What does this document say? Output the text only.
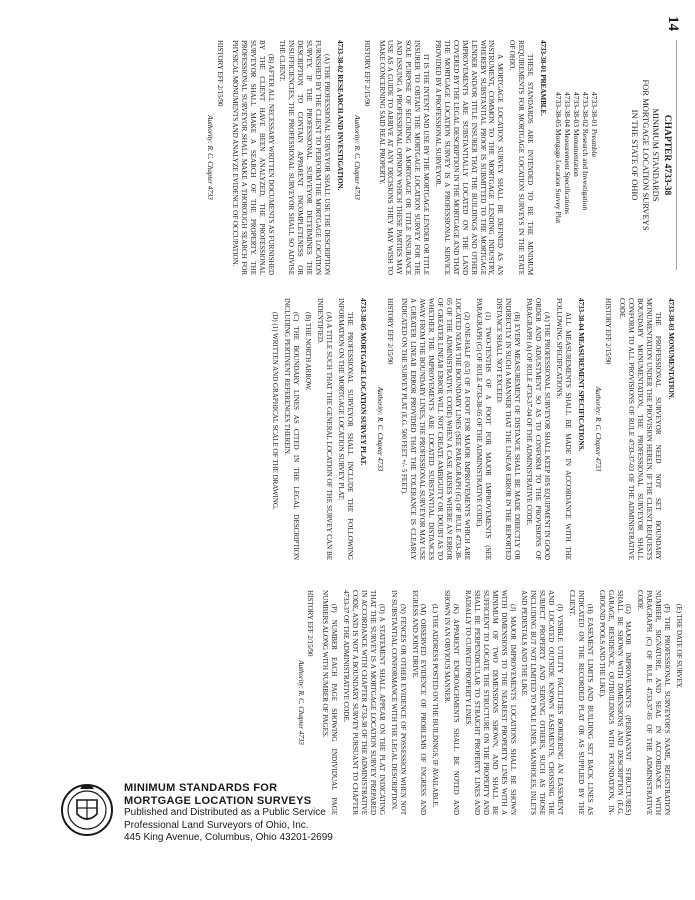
14
CHAPTER 4733-38
MINIMUM STANDARDS
FOR MORTGAGE LOCATION SURVEYS
IN THE STATE OF OHIO
4733-38-01 Preamble
4733-38-02 Research and Investigation
4733-38-03 Monumentation
4733-38-04 Measurement Specifications
4733-38-05 Mortgage Location Survey Plat

4733-38-01 PREAMBLE.

THESE STANDARDS ARE INTENDED TO BE THE MINIMUM REQUIREMENTS FOR MORTGAGE LOCATION SURVEYS IN THE STATE OF OHIO.

A MORTGAGE LOCATION SURVEY SHALL BE DEFINED AS AN INSTRUMENT, COMMON TO THE MORTGAGE LENDING INDUSTRY, WHEREBY SUBSTANTIAL PROOF IS SUBMITTED TO THE MORTGAGE LENDER AND/OR TITLE INSURER THAT THE BUILDINGS AND OTHER IMPROVEMENTS ARE SUBSTANTIALLY LOCATED ON THE LAND COVERED BY THE LEGAL DESCRIPTION IN THE MORTGAGE AND THAT THE MORTGAGE LOCATION SURVEY IS A PROFESSIONAL SERVICE PROVIDED BY A PROFESSIONAL SURVEYOR.

IT IS THE INTENT AND USE BY THE MORTGAGE LENDER OR TITLE INSURER TO OBTAIN THE MORTGAGE LOCATION SURVEY FOR THE SOLE PURPOSE OF SECURING A MORTGAGE OR TITLE INSURANCE AND ISSUING A PROFESSIONAL OPINION WHICH THESE PARTIES MAY USE AS A GUIDE TO ARRIVE AT ANY DECISIONS THEY MAY WISH TO MAKE CONCERNING SAID REAL PROPERTY.

HISTORY EFF 2/15/90

Authority: R. C. Chapter 4733

4733-38-02 RESEARCH AND INVESTIGATION.

(A) THE PROFESSIONAL SURVEYOR SHALL USE THE DESCRIPTION FURNISHED BY THE CLIENT TO PERFORM THE MORTGAGE LOCATION SURVEY. IF THE PROFESSIONAL SURVEYOR DETERMINES THE DESCRIPTION TO CONTAIN APPARENT INCOMPLETENESS OR INSUFFICIENCIES, THE PROFESSIONAL SURVEYOR SHALL SO ADVISE THE CLIENT.

(B) AFTER ALL NECESSARY WRITTEN DOCUMENTS AS FURNISHED BY THE CLIENT HAVE BEEN ANALYZED, THE PROFESSIONAL SURVEYOR SHALL MAKE A SEARCH OF THE PROPERTY. THE PROFESSIONAL SURVEYOR SHALL MAKE A THOROUGH SEARCH FOR PHYSICAL MONUMENTS AND ANALYZE EVIDENCE OF OCCUPATION.

HISTORY EFF 2/15/90

Authority: R. C. Chapter 4733

4733-38-03 MONUMENTATION.

THE PROFESSIONAL SURVEYOR NEED NOT SET BOUNDARY MONUMENTATION UNDER THE PROVISION HEREIN. IF THE CLIENT REQUESTS BOUNDARY MONUMENTATION, THE PROFESSIONAL SURVEYOR SHALL CONFORM TO ALL PROVISIONS OF RULE 4733-37-03 OF THE ADMINISTRATIVE CODE.

HISTORY EFF 2/15/90

Authority: R. C. Chapter 4733

4733-38-04 MEASUREMENT SPECIFICATIONS.

ALL MEASUREMENTS SHALL BE MADE IN ACCORDANCE WITH THE FOLLOWING SPECIFICATIONS:

(A) THE PROFESSIONAL SURVEYOR SHALL KEEP HIS EQUIPMENT IN GOOD ORDER AND ADJUSTMENT SO AS TO CONFORM TO THE PROVISIONS OF PARAGRAPH (A) OF RULE 4733-37-04 OF THE ADMINISTRATIVE CODE.

(B) EVERY MEASUREMENT OF DISTANCE SHALL BE MADE DIRECTLY OR INDIRECTLY IN SUCH A MANNER THAT THE LINEAR ERROR IN THE REPORTED DISTANCE SHALL NOT EXCEED:

(1) TWO-TENTHS OF A FOOT FOR MAJOR IMPROVEMENTS (SEE PARAGRAPH (G) OF RULE 4733-38-05 OF THE ADMINISTRATIVE CODE).

(2) ONE-HALF (0.5) OF A FOOT FOR MAJOR IMPROVEMENTS WHICH ARE LOCATED NEAR THE BOUNDARY LINES (SEE PARAGRAPH (G) OF RULE 4733-38-05 OF THE ADMINISTRATIVE CODE) WHEN A CASE ARISES WHERE AN ERROR OF GREATER LINEAR ERROR WILL NOT CREATE AMBIGUITY OR DOUBT AS TO WHETHER THE IMPROVEMENTS ARE LOCATED SUBSTANTIAL DISTANCES AWAY FROM THE BOUNDARY LINES, THE PROFESSIONAL SURVEYOR MAY USE A GREATER LINEAR ERROR PROVIDED THAT THE TOLERANCE IS CLEARLY INDICATED ON THE SURVEY PLAT (E.G. 500 FEET +/- 5 FEET).

HISTORY EFF 2/15/90

Authority: R. C. Chapter 4733

4733-38-05 MORTGAGE LOCATION SURVEY PLAT.

THE PROFESSIONAL SURVEYOR SHALL INCLUDE THE FOLLOWING INFORMATION ON THE MORTGAGE LOCATION SURVEY PLAT:

(A) A TITLE SUCH THAT THE GENERAL LOCATION OF THE SURVEY CAN BE INDENTIFIED.

(B) THE NORTH ARROW.

(C) THE BOUNDARY LINES AS CITED IN THE LEGAL DESCRIPTION INCLUDING PERTINENT REFERENCES THEREIN.

(D) (1) WRITTEN AND GRAPHICAL SCALE OF THE DRAWING.

(E) THE DATE OF SURVEY.

(F) THE PROFESSIONAL SURVEYOR'S NAME, REGISTRATION NUMBER, SIGNATURE, AND SEAL IN ACCORDANCE WITH PARAGRAPH (C) OF RULE 4733-37-05 OF THE ADMINISTRATIVE CODE.

(G) MAJOR IMPROVEMENTS (PERMANENT STRUCTURES) SHALL BE SHOWN WITH DIMENSIONS AND DESCRIPTION (E.G. GARAGE, RESIDENCE, OUTBUILDINGS WITH FOUNDATION, IN-GROUND POOLS AND THE LIKE).

(H) EASEMENT LIMITS AND BUILDING SET BACK LINES AS INDICATED ON THE RECORDED PLAT OR AS SUPPLIED BY THE CLIENT.

(I) VISIBLE UTILITY FACILITIES BORDERING AN EASEMENT AND LOCATED OUTSIDE KNOWN EASEMENTS, CROSSING THE SUBJECT PROPERTY AND SERVING OTHERS, SUCH AS THOSE INCLUDING BUT NOT LIMITED TO POLE LINES, MANHOLES, INLETS AND PEDESTALS AND THE LIKE.

(J) MAJOR IMPROVEMENTS LOCATIONS SHALL BE SHOWN WITH DIMENSIONS TO THE NEAREST PROPERTY LINES WITH A MINIMUM OF TWO DIMENSIONS SHOWN, AND SHALL BE SUFFICIENT TO LOCATE THE STRUCTURE ON THE PROPERTY AND SHALL BE PERPENDICULAR TO STRAIGHT PROPERTY LINES AND RADIALLY TO CURVED PROPERTY LINES.

(K) APPARENT ENCROACHMENTS SHALL BE NOTED AND SHOWN IN AN OBVIOUS MANNER.

(L) THE ADDRESS POSTED ON THE BUILDINGS, IF AVAILABLE.

(M) OBSERVED EVIDENCE OF PROBLEMS OF INGRESS AND EGRESS AND JOINT DRIVE.

(N) FENCES OR OTHER EVIDENCE OF POSSESSION WHEN NOT IN SUBSTANTIAL CONFORMANCE WITH THE LEGAL DESCRIPTION.

(O) A STATEMENT SHALL APPEAR ON THE PLAT INDICATING THAT THE SURVEY IS A MORTGAGE LOCATION SURVEY PREPARED IN ACCORDANCE WITH CHAPTER 4733-38 OF THE ADMINISTRATIVE CODE, AND IS NOT A BOUNDARY SURVEY PURSUANT TO CHAPTER 4733-37 OF THE ADMINISTRATIVE CODE.

(P) NUMBER EACH PAGE SHOWING INDIVIDUAL PAGE NUMBERS ALONG WITH NUMBER OF PAGES.

HISTORY EFF 2/15/90

Authority: R. C. Chapter 4733

MINIMUM STANDARDS FOR
MORTGAGE LOCATION SURVEYS
Published and Distributed as a Public Service
Professional Land Surveyors of Ohio, Inc.
445 King Avenue, Columbus, Ohio 43201-2699
